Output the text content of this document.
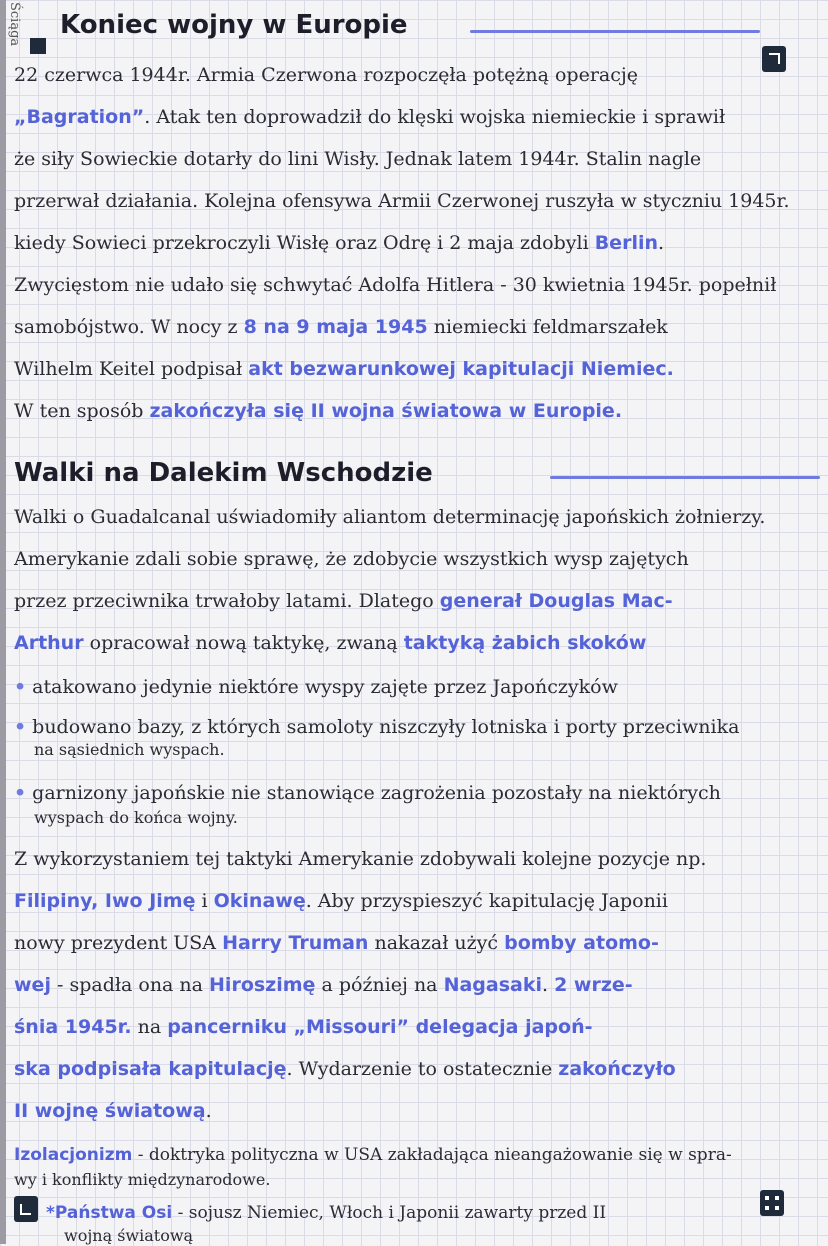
Ściąga Koniec wojny w Europie
22 czerwca 1944r. Armia Czerwona rozpoczęła potężną operację
„Bagration”. Atak ten doprowadził do klęski wojska niemieckie i sprawił
że siły Sowieckie dotarły do lini Wisły. Jednak latem 1944r. Stalin nagle
przerwał działania. Kolejna ofensywa Armii Czerwonej ruszyła w styczniu 1945r.
kiedy Sowieci przekroczyli Wisłę oraz Odrę i 2 maja zdobyli Berlin.
Zwycięstom nie udało się schwytać Adolfa Hitlera - 30 kwietnia 1945r. popełnił
samobójstwo. W nocy z 8 na 9 maja 1945 niemiecki feldmarszałek
Wilhelm Keitel podpisał akt bezwarunkowej kapitulacji Niemiec.
W ten sposób zakończyła się II wojna światowa w Europie.
Walki na Dalekim Wschodzie
Walki o Guadalcanal uświadomiły aliantom determinację japońskich żołnierzy.
Amerykanie zdali sobie sprawę, że zdobycie wszystkich wysp zajętych
przez przeciwnika trwałoby latami. Dlatego generał Douglas Mac-
Arthur opracował nową taktykę, zwaną taktyką żabich skoków
• atakowano jedynie niektóre wyspy zajęte przez Japończyków
• budowano bazy, z których samoloty niszczyły lotniska i porty przeciwnika
na sąsiednich wyspach.
• garnizony japońskie nie stanowiące zagrożenia pozostały na niektórych
wyspach do końca wojny.
Z wykorzystaniem tej taktyki Amerykanie zdobywali kolejne pozycje np.
Filipiny, Iwo Jimę i Okinawę. Aby przyspieszyć kapitulację Japonii
nowy prezydent USA Harry Truman nakazał użyć bomby atomo-
wej - spadła ona na Hiroszimę a później na Nagasaki. 2 wrze-
śnia 1945r. na pancerniku „Missouri” delegacja japoń-
ska podpisała kapitulację. Wydarzenie to ostatecznie zakończyło
II wojnę światową.
Izolacjonizm - doktryka polityczna w USA zakładająca nieangażowanie się w spra-
wy i konflikty międzynarodowe.
*Państwa Osi - sojusz Niemiec, Włoch i Japonii zawarty przed II
wojną światową
